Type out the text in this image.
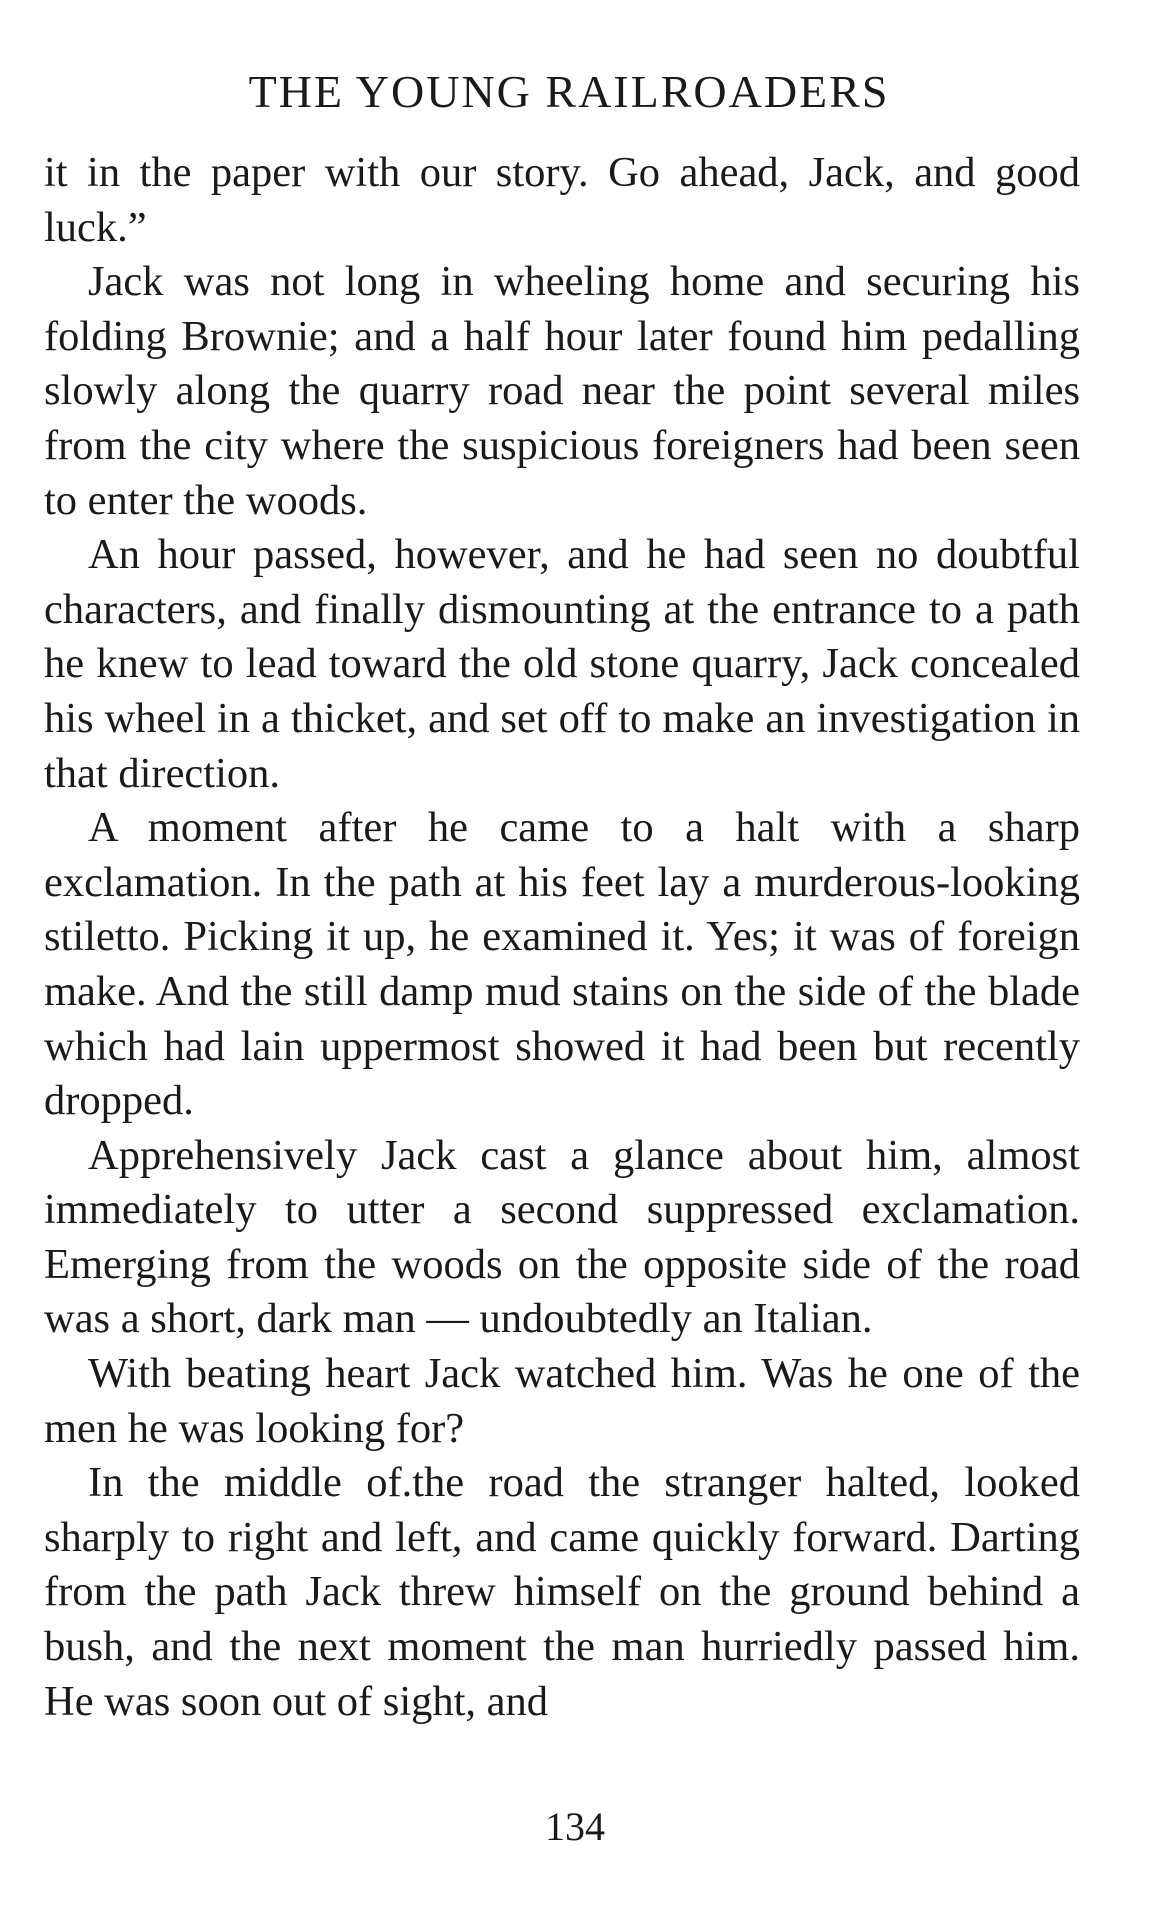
THE YOUNG RAILROADERS

it in the paper with our story. Go ahead, Jack, and good luck.”

Jack was not long in wheeling home and securing his folding Brownie; and a half hour later found him pedalling slowly along the quarry road near the point several miles from the city where the suspicious foreigners had been seen to enter the woods.

An hour passed, however, and he had seen no doubtful characters, and finally dismounting at the entrance to a path he knew to lead toward the old stone quarry, Jack concealed his wheel in a thicket, and set off to make an investigation in that direction.

A moment after he came to a halt with a sharp exclamation. In the path at his feet lay a murderous-looking stiletto. Picking it up, he examined it. Yes; it was of foreign make. And the still damp mud stains on the side of the blade which had lain uppermost showed it had been but recently dropped.

Apprehensively Jack cast a glance about him, almost immediately to utter a second suppressed exclamation. Emerging from the woods on the opposite side of the road was a short, dark man — undoubtedly an Italian.

With beating heart Jack watched him. Was he one of the men he was looking for?

In the middle of.the road the stranger halted, looked sharply to right and left, and came quickly forward. Darting from the path Jack threw himself on the ground behind a bush, and the next moment the man hurriedly passed him. He was soon out of sight, and

134
